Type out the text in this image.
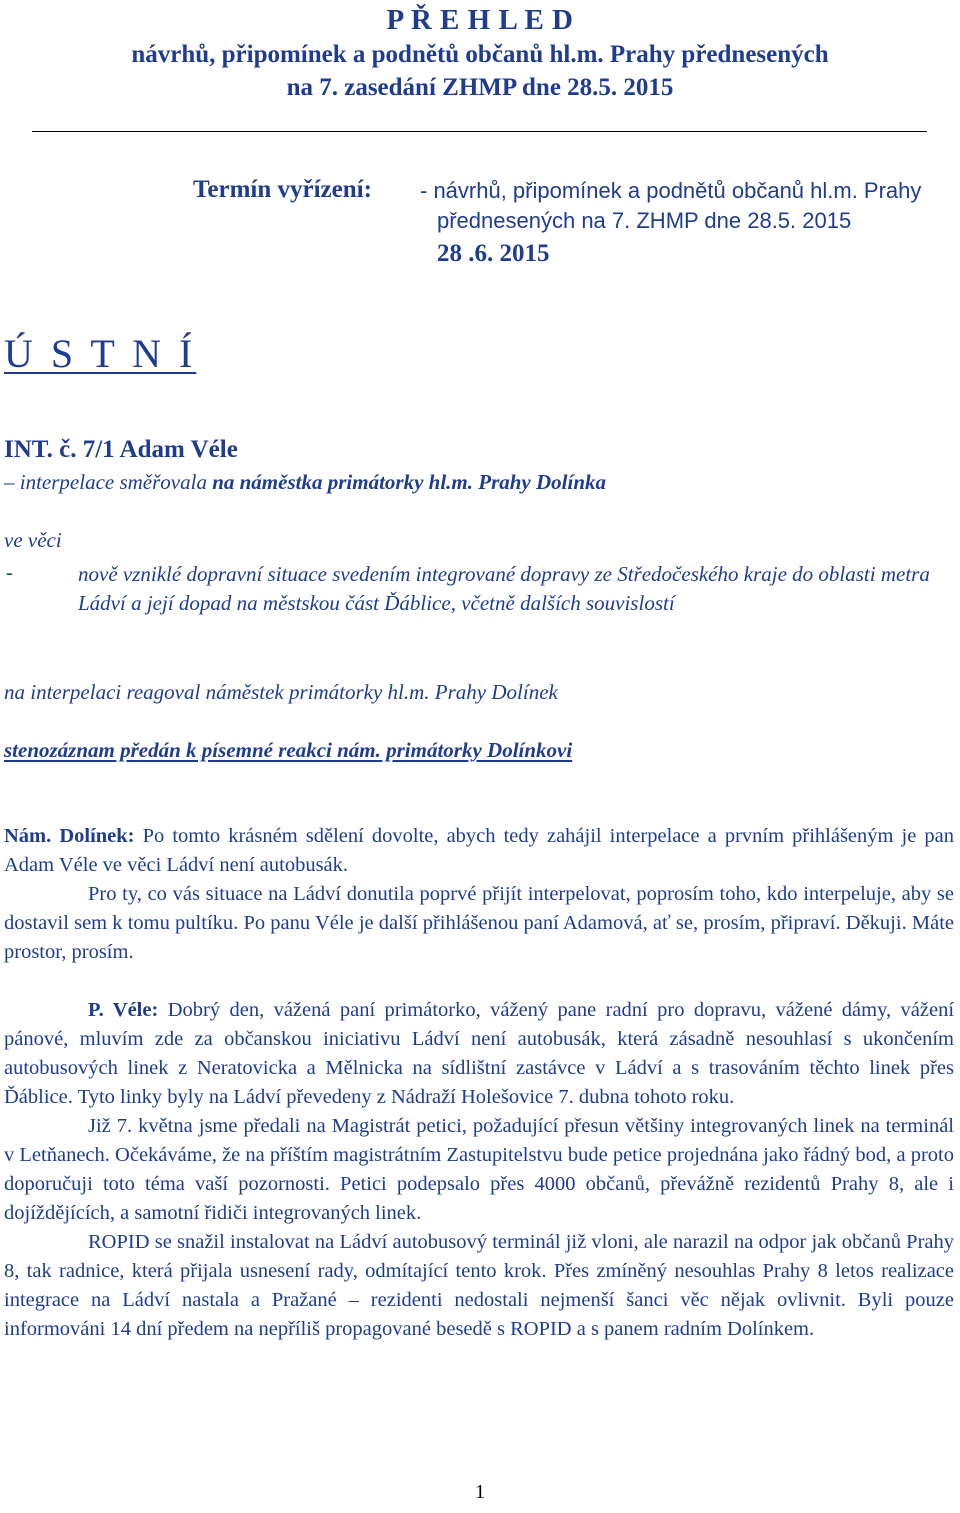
P Ř E H L E D
návrhů, připomínek a podnětů občanů hl.m. Prahy přednesených
na 7. zasedání ZHMP dne 28.5. 2015
Termín vyřízení: - návrhů, připomínek a podnětů občanů hl.m. Prahy
přednesených na 7. ZHMP dne 28.5. 2015
28 .6. 2015
Ú S T N Í
INT. č. 7/1 Adam Véle
– interpelace směřovala na náměstka primátorky hl.m. Prahy Dolínka
ve věci
-	nově vzniklé dopravní situace svedením integrované dopravy ze Středočeského kraje do oblasti metra Ládví a její dopad na městskou část Ďáblice, včetně dalších souvislostí
na interpelaci reagoval náměstek primátorky hl.m. Prahy Dolínek
stenozáznam předán k písemné reakci nám. primátorky Dolínkovi

Nám. Dolínek: Po tomto krásném sdělení dovolte, abych tedy zahájil interpelace a prvním přihlášeným je pan Adam Véle ve věci Ládví není autobusák.

Pro ty, co vás situace na Ládví donutila poprvé přijít interpelovat, poprosím toho, kdo interpeluje, aby se dostavil sem k tomu pultíku. Po panu Véle je další přihlášenou paní Adamová, ať se, prosím, připraví. Děkuji. Máte prostor, prosím.

P. Véle: Dobrý den, vážená paní primátorko, vážený pane radní pro dopravu, vážené dámy, vážení pánové, mluvím zde za občanskou iniciativu Ládví není autobusák, která zásadně nesouhlasí s ukončením autobusových linek z Neratovicka a Mělnicka na sídlištní zastávce v Ládví a s trasováním těchto linek přes Ďáblice. Tyto linky byly na Ládví převedeny z Nádraží Holešovice 7. dubna tohoto roku.

Již 7. května jsme předali na Magistrát petici, požadující přesun většiny integrovaných linek na terminál v Letňanech. Očekáváme, že na příštím magistrátním Zastupitelstvu bude petice projednána jako řádný bod, a proto doporučuji toto téma vaší pozornosti. Petici podepsalo přes 4000 občanů, převážně rezidentů Prahy 8, ale i dojíždějících, a samotní řidiči integrovaných linek.

ROPID se snažil instalovat na Ládví autobusový terminál již vloni, ale narazil na odpor jak občanů Prahy 8, tak radnice, která přijala usnesení rady, odmítající tento krok. Přes zmíněný nesouhlas Prahy 8 letos realizace integrace na Ládví nastala a Pražané – rezidenti nedostali nejmenší šanci věc nějak ovlivnit. Byli pouze informováni 14 dní předem na nepříliš propagované besedě s ROPID a s panem radním Dolínkem.

1
